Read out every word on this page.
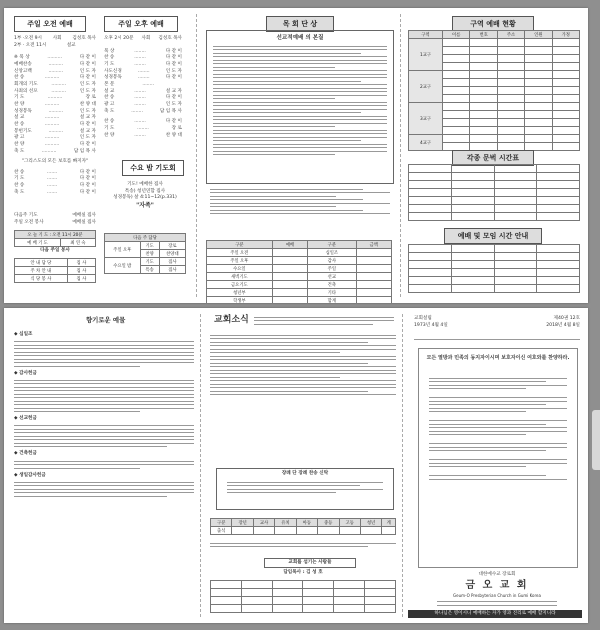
주일 오전 예배	주일 오후 예배
1부 ·오전 9시 사회 김성호 목사
2부 · 오전 11시	설교
※ 묵 상	..........	다 같 이
예배찬송	..........	다 같 이
신앙고백	..........	인 도 자
찬 송	..........	다 같 이
회개의 기도	..........	인 도 자
사죄의 선포	..........	인 도 자
기 도	..........	장 로
찬 양	..........	찬 양 대
성경봉독	..........	인 도 자
설 교	..........	설 교 자
찬 송	..........	다 같 이
봉헌기도	..........	설 교 자
광 고	..........	인 도 자
찬 양	..........	다 같 이
축 도	..........	담 임 목 사
"그리스도의 모든 보호를 빠지자"
찬 송	.......	다 같 이
기 도	.......	다 같 이
찬 송	.......	다 같 이
축 도	.......	다 같 이
오후 2시 20분 사회 김성호 목사
묵 상	........	다 같 이
찬 송	........	다 같 이
기 도	........	다 같 이
사도신경	........	인 도 자
성경봉독	........	다 같 이
본 문	........
설 교	........	설 교 자
찬 송	........	다 같 이
광 고	........	인 도 자
축 도	........	담 임 목 사
찬 송	........	다 같 이
기 도	........	장 로
찬 양	........	찬 양 대
수요 밤 기도회
기도! 예배한 집사
특송) 청년연합 집사
성경봉독) 살 4:11~12(p.331)
"자족"
다음주 기도	예배실 집사
주일 오전 봉사	예배실 집사
오 늘 기 도 : 오전 11시 20분
예 배 기 도	최 연 숙
다음 주일 봉사
안 내 담 당	집 사
주 차 안 내	집 사
식 당 봉 사	집 사
다음 주 담당		
주일 오후	기도	장로
	찬양	찬양대
수요일 밤	기도	집사
	특송	집사
목 회 단 상
선교적예배 의 본질
구분	예배	구분	금액
주일 오전		십일조	
주일 오후		감사	
수요일		주일	
새벽기도		선교	
금요기도		건축	
청년부		기타	
학생부		합계	
구역 예배 현황
구역	이름	번호	주소	인원	가정
1교구					

2교구					

3교구					

4교구					

각종 문벅 시간표

예배 및 모임 시간 안내

향기로운 예물
◆ 십일조
◆ 감사헌금
◆ 선교헌금
◆ 건축헌금
◆ 생일감사헌금
교회소식
장례 단 장례 찬송 신탁
구분	장년	교사	유치	아동	중등	고등	청년	계
출석								
교회를 섬기는 사람들
담임목사 : 김 성 호

교회설립	제40권 12호
1973년 4월 4일	2018년 4월 8일
모든 열방과 민족의 동지자이시며 보호자이신 여호와를 찬양하라.
대한예수교 장로회
금 오 교 회
Geum-O Presbyterian Church in Gumi Korea
하나님은 영이시니 예배하는 자가 영과 진리로 예배 할지니라
